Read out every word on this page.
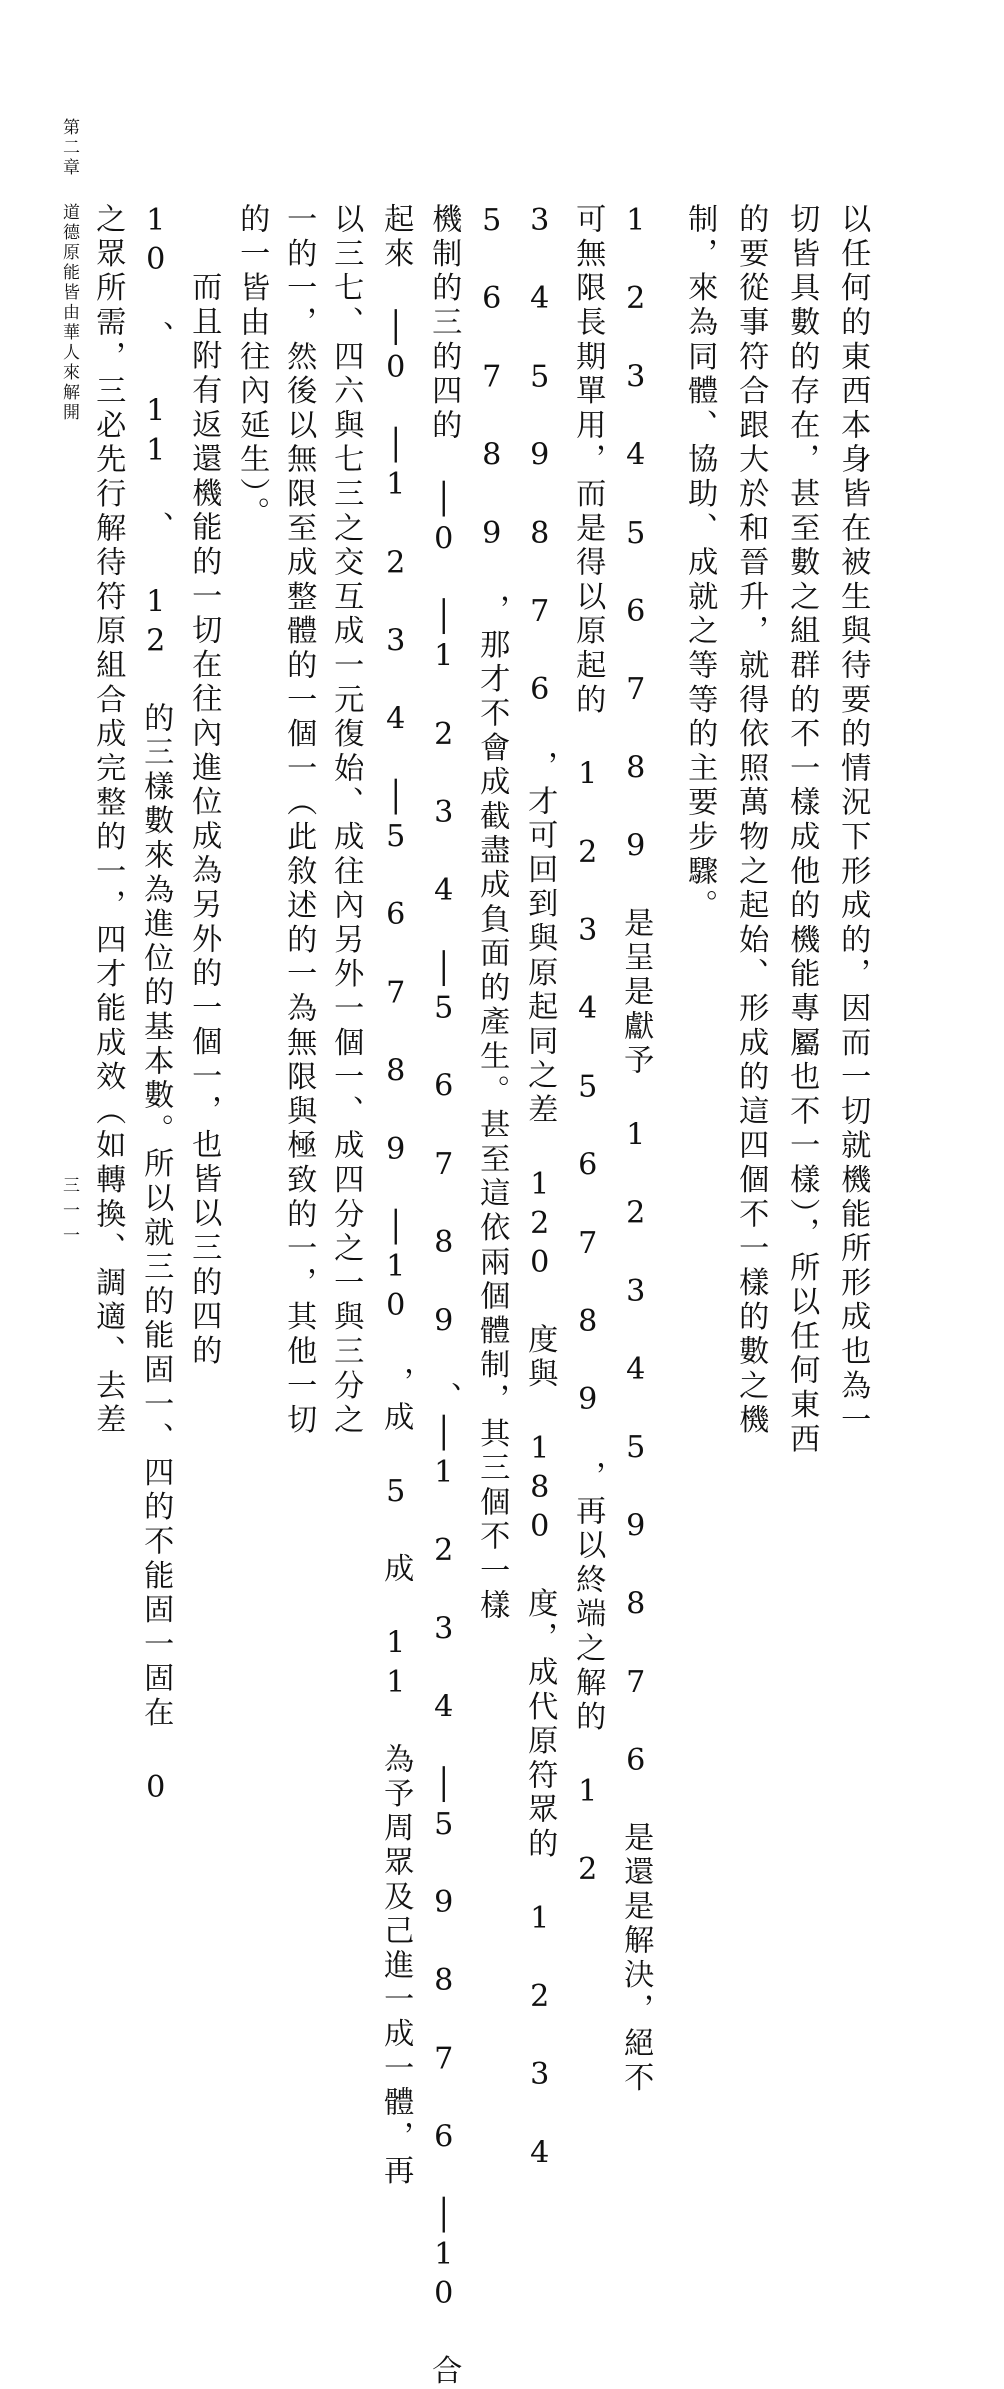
第二章
道德原能皆由華人來解開
三一一	以任何的東西本身皆在被生與待要的情況下形成的，因而一切就機能所形成也為一
切皆具數的存在，甚至數之組群的不一樣成他的機能專屬也不一樣），所以任何東西
的要從事符合跟大於和晉升，就得依照萬物之起始、形成的這四個不一樣的數之機
制，來為同體、協助、成就之等等的主要步驟。
1 2 3 4 5 6 7 8 9 是呈是獻予 1 2 3 4 5 9 8 7 6 是還是解決，絕不
可無限長期單用，而是得以原起的 1 2 3 4 5 6 7 8 9 ，再以終端之解的 1 2
3 4 5 9 8 7 6 ，才可回到與原起同之差 120 度與 180 度，成代原符眾的 1 2 3 4
5 6 7 8 9 ，那才不會成截盡成負面的產生。甚至這依兩個體制，其三個不一樣
機制的三的四的 │0 │1 2 3 4 │5 6 7 8 9 、│1 2 3 4 │5 9 8 7 6 │10 合
起來 │0 │1 2 3 4 │5 6 7 8 9 │10 ，成 5 成 11 為予周眾及己進一成一體，再
以三七、四六與七三之交互成一元復始、成往內另外一個一、成四分之一與三分之
一的一，然後以無限至成整體的一個一（此敘述的一為無限與極致的一，其他一切
的一皆由往內延生）。
而且附有返還機能的一切在往內進位成為另外的一個一，也皆以三的四的
10 、 11 、 12 的三樣數來為進位的基本數。所以就三的能固一、四的不能固一固在 0
之眾所需，三必先行解待符原組合成完整的一，四才能成效（如轉換、調適、去差
